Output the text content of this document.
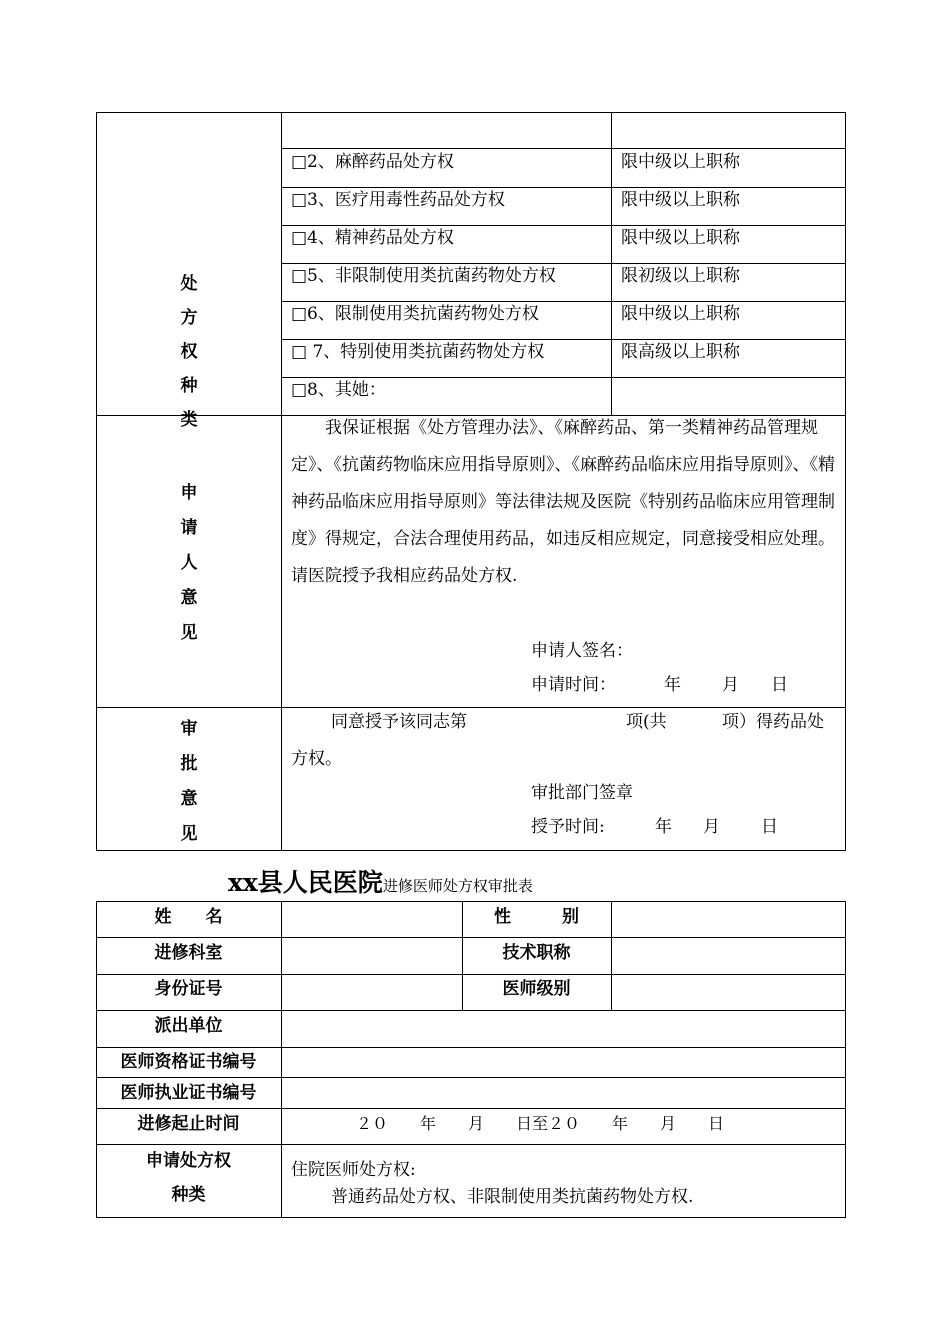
处方权种类
□2、麻醉药品处方权	限中级以上职称
□3、医疗用毒性药品处方权	限中级以上职称
□4、精神药品处方权	限中级以上职称
□5、非限制使用类抗菌药物处方权	限初级以上职称
□6、限制使用类抗菌药物处方权	限中级以上职称
□ 7、特别使用类抗菌药物处方权	限高级以上职称
□8、其她：
申请人意见
我保证根据《处方管理办法》、《麻醉药品、第一类精神药品管理规定》、《抗菌药物临床应用指导原则》、《麻醉药品临床应用指导原则》、《精神药品临床应用指导原则》等法律法规及医院《特别药品临床应用管理制度》得规定，合法合理使用药品，如违反相应规定，同意接受相应处理。请医院授予我相应药品处方权.
申请人签名：
申请时间：	年 月 日
审批意见
同意授予该同志第	项(共	项）得药品处
方权。
审批部门签章
授予时间:	年 月 日
xx县人民医院进修医师处方权审批表
姓　　名	性　　　别
进修科室	技术职称
身份证号	医师级别
派出单位
医师资格证书编号
医师执业证书编号
进修起止时间	２０　　年　　月　　日至２０　　年　　月　　日
申请处方权
种类
住院医师处方权:
普通药品处方权、非限制使用类抗菌药物处方权.
